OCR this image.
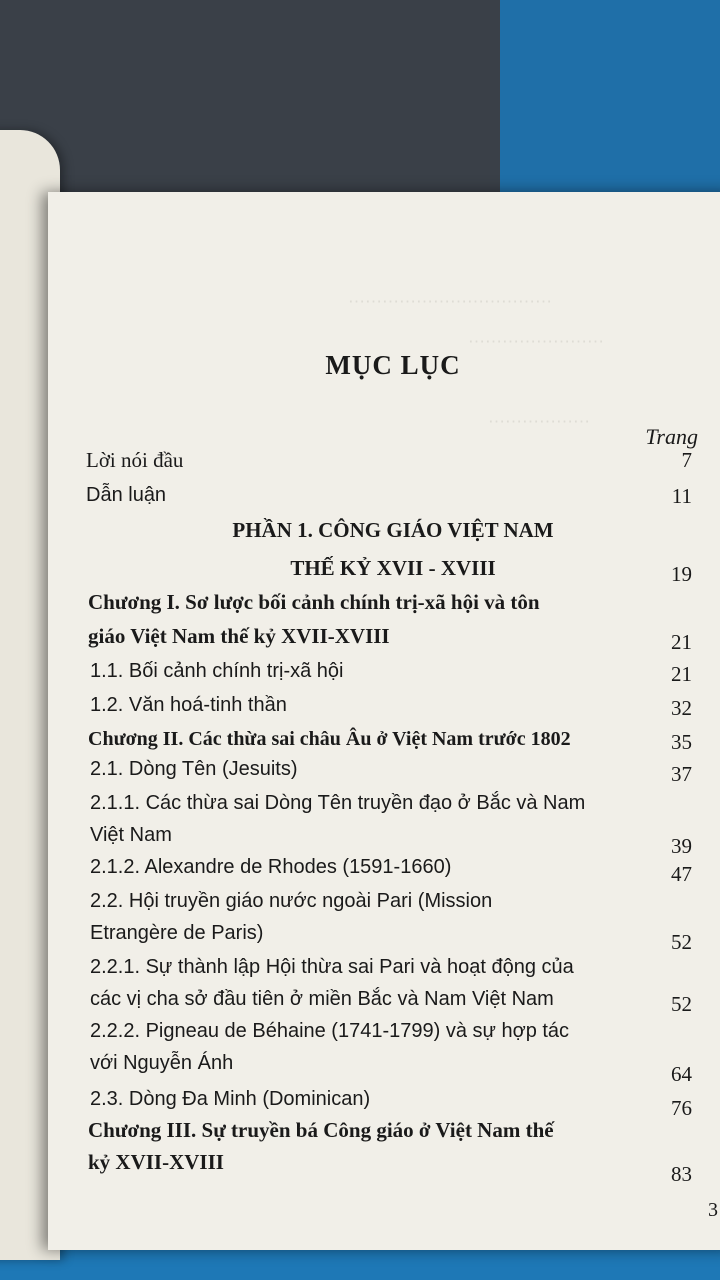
⋯⋯⋯⋯⋯⋯⋯⋯⋯⋯⋯⋯
⋯⋯⋯⋯⋯⋯⋯⋯
⋯⋯⋯⋯⋯⋯
MỤC LỤC
Trang
Lời nói đầu	7
Dẫn luận	11
PHẦN 1. CÔNG GIÁO VIỆT NAM
THẾ KỶ XVII - XVIII	19
Chương I. Sơ lược bối cảnh chính trị-xã hội và tôn
giáo Việt Nam thế kỷ XVII-XVIII	21
1.1. Bối cảnh chính trị-xã hội	21
1.2. Văn hoá-tinh thần	32
Chương II. Các thừa sai châu Âu ở Việt Nam trước 1802	35
2.1. Dòng Tên (Jesuits)	37
2.1.1. Các thừa sai Dòng Tên truyền đạo ở Bắc và Nam
Việt Nam	39
2.1.2. Alexandre de Rhodes (1591-1660)	47
2.2. Hội truyền giáo nước ngoài Pari (Mission
Etrangère de Paris)	52
2.2.1. Sự thành lập Hội thừa sai Pari và hoạt động của
các vị cha sở đầu tiên ở miền Bắc và Nam Việt Nam	52
2.2.2. Pigneau de Béhaine (1741-1799) và sự hợp tác
với Nguyễn Ánh	64
2.3. Dòng Đa Minh (Dominican)	76
Chương III. Sự truyền bá Công giáo ở Việt Nam thế
kỷ XVII-XVIII	83
3
